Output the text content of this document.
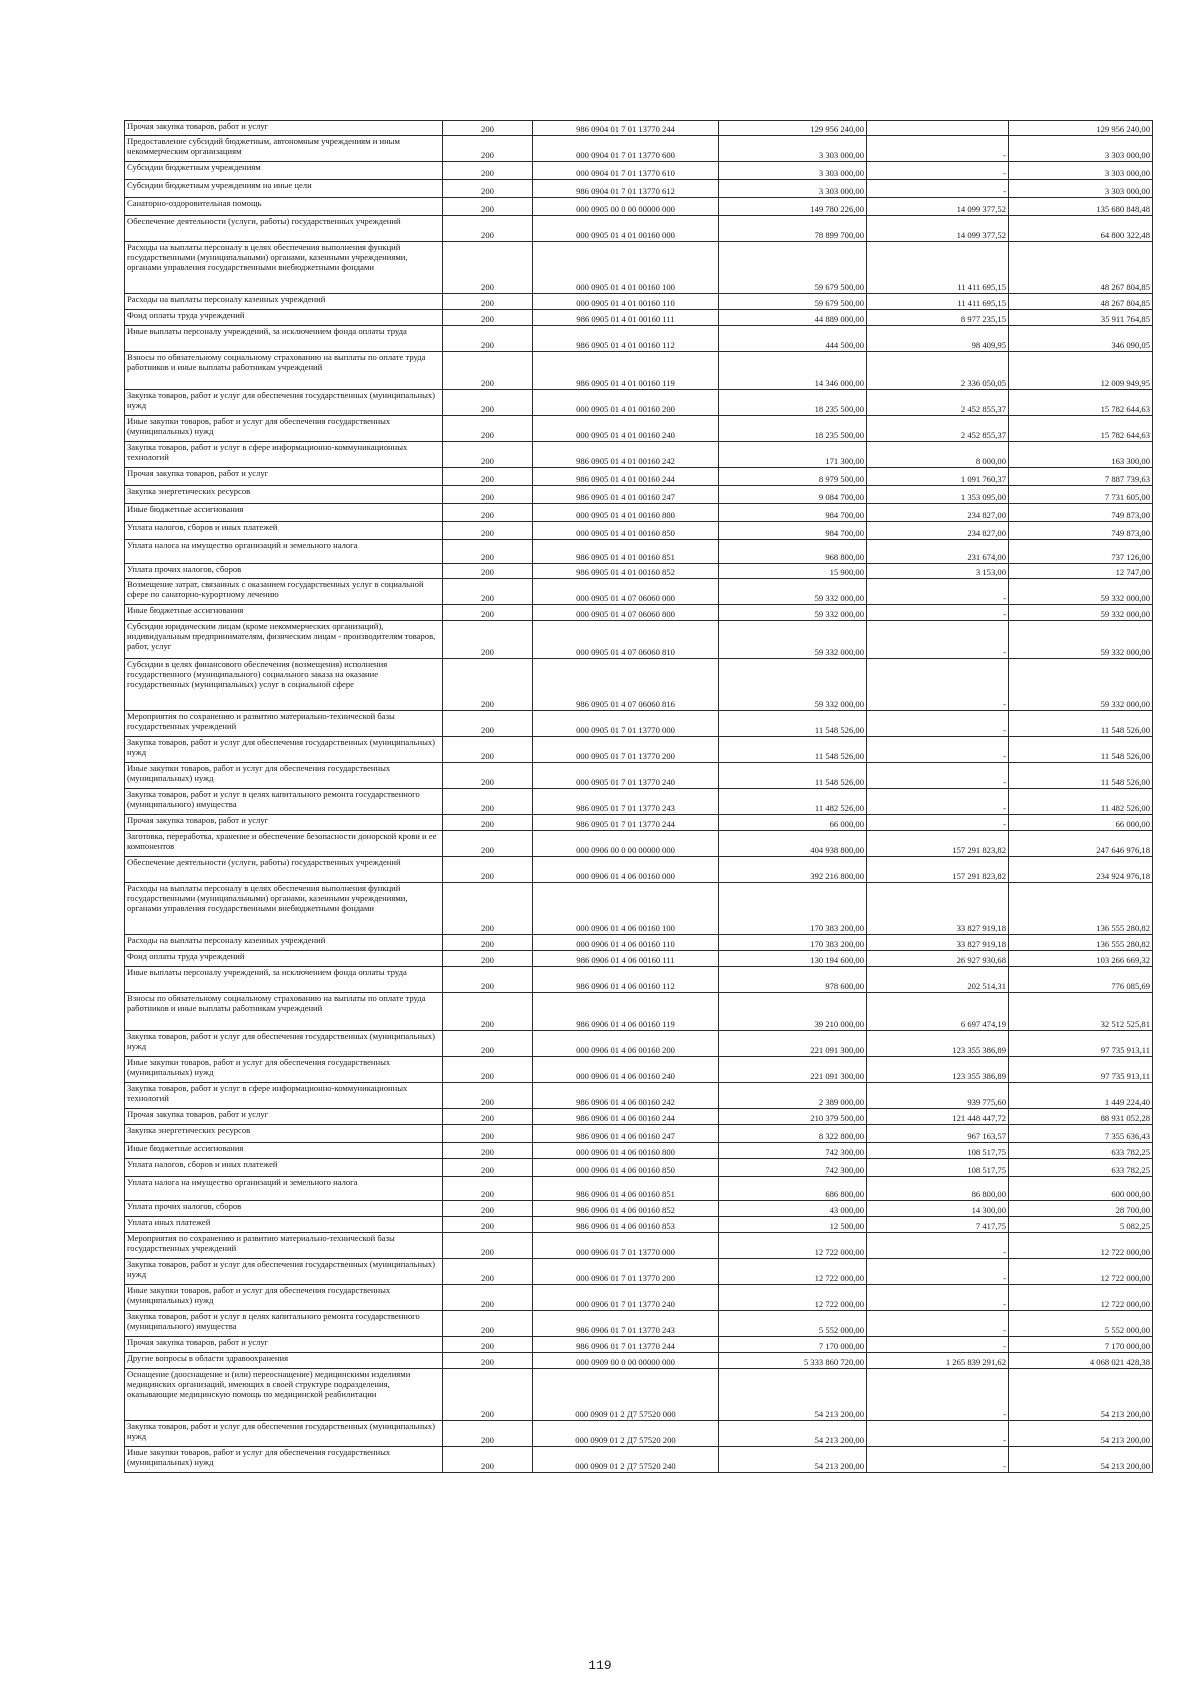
Прочая закупка товаров, работ и услуг	200	986 0904 01 7 01 13770 244	129 956 240,00		129 956 240,00
Предоставление субсидий бюджетным, автономным учреждениям и иным некоммерческим организациям	200	000 0904 01 7 01 13770 600	3 303 000,00	-	3 303 000,00
Субсидии бюджетным учреждениям	200	000 0904 01 7 01 13770 610	3 303 000,00	-	3 303 000,00
Субсидии бюджетным учреждениям на иные цели	200	986 0904 01 7 01 13770 612	3 303 000,00	-	3 303 000,00
Санаторно-оздоровительная помощь	200	000 0905 00 0 00 00000 000	149 780 226,00	14 099 377,52	135 680 848,48
Обеспечение деятельности (услуги, работы) государственных учреждений	200	000 0905 01 4 01 00160 000	78 899 700,00	14 099 377,52	64 800 322,48
Расходы на выплаты персоналу в целях обеспечения выполнения функций государственными (муниципальными) органами, казенными учреждениями, органами управления государственными внебюджетными фондами	200	000 0905 01 4 01 00160 100	59 679 500,00	11 411 695,15	48 267 804,85
Расходы на выплаты персоналу казенных учреждений	200	000 0905 01 4 01 00160 110	59 679 500,00	11 411 695,15	48 267 804,85
Фонд оплаты труда учреждений	200	986 0905 01 4 01 00160 111	44 889 000,00	8 977 235,15	35 911 764,85
Иные выплаты персоналу учреждений, за исключением фонда оплаты труда	200	986 0905 01 4 01 00160 112	444 500,00	98 409,95	346 090,05
Взносы по обязательному социальному страхованию на выплаты по оплате труда работников и иные выплаты работникам учреждений	200	986 0905 01 4 01 00160 119	14 346 000,00	2 336 050,05	12 009 949,95
Закупка товаров, работ и услуг для обеспечения государственных (муниципальных) нужд	200	000 0905 01 4 01 00160 200	18 235 500,00	2 452 855,37	15 782 644,63
Иные закупки товаров, работ и услуг для обеспечения государственных (муниципальных) нужд	200	000 0905 01 4 01 00160 240	18 235 500,00	2 452 855,37	15 782 644,63
Закупка товаров, работ и услуг в сфере информационно-коммуникационных технологий	200	986 0905 01 4 01 00160 242	171 300,00	8 000,00	163 300,00
Прочая закупка товаров, работ и услуг	200	986 0905 01 4 01 00160 244	8 979 500,00	1 091 760,37	7 887 739,63
Закупка энергетических ресурсов	200	986 0905 01 4 01 00160 247	9 084 700,00	1 353 095,00	7 731 605,00
Иные бюджетные ассигнования	200	000 0905 01 4 01 00160 800	984 700,00	234 827,00	749 873,00
Уплата налогов, сборов и иных платежей	200	000 0905 01 4 01 00160 850	984 700,00	234 827,00	749 873,00
Уплата налога на имущество организаций и земельного налога	200	986 0905 01 4 01 00160 851	968 800,00	231 674,00	737 126,00
Уплата прочих налогов, сборов	200	986 0905 01 4 01 00160 852	15 900,00	3 153,00	12 747,00
Возмещение затрат, связанных с оказанием государственных услуг в социальной сфере по санаторно-курортному лечению	200	000 0905 01 4 07 06060 000	59 332 000,00	-	59 332 000,00
Иные бюджетные ассигнования	200	000 0905 01 4 07 06060 800	59 332 000,00	-	59 332 000,00
Субсидии юридическим лицам (кроме некоммерческих организаций), индивидуальным предпринимателям, физическим лицам - производителям товаров, работ, услуг	200	000 0905 01 4 07 06060 810	59 332 000,00	-	59 332 000,00
Субсидии в целях финансового обеспечения (возмещения) исполнения государственного (муниципального) социального заказа на оказание государственных (муниципальных) услуг в социальной сфере	200	986 0905 01 4 07 06060 816	59 332 000,00	-	59 332 000,00
Мероприятия по сохранению и развитию материально-технической базы государственных учреждений	200	000 0905 01 7 01 13770 000	11 548 526,00	-	11 548 526,00
Закупка товаров, работ и услуг для обеспечения государственных (муниципальных) нужд	200	000 0905 01 7 01 13770 200	11 548 526,00	-	11 548 526,00
Иные закупки товаров, работ и услуг для обеспечения государственных (муниципальных) нужд	200	000 0905 01 7 01 13770 240	11 548 526,00	-	11 548 526,00
Закупка товаров, работ и услуг в целях капитального ремонта государственного (муниципального) имущества	200	986 0905 01 7 01 13770 243	11 482 526,00	-	11 482 526,00
Прочая закупка товаров, работ и услуг	200	986 0905 01 7 01 13770 244	66 000,00	-	66 000,00
Заготовка, переработка, хранение и обеспечение безопасности донорской крови и ее компонентов	200	000 0906 00 0 00 00000 000	404 938 800,00	157 291 823,82	247 646 976,18
Обеспечение деятельности (услуги, работы) государственных учреждений	200	000 0906 01 4 06 00160 000	392 216 800,00	157 291 823,82	234 924 976,18
Расходы на выплаты персоналу в целях обеспечения выполнения функций государственными (муниципальными) органами, казенными учреждениями, органами управления государственными внебюджетными фондами	200	000 0906 01 4 06 00160 100	170 383 200,00	33 827 919,18	136 555 280,82
Расходы на выплаты персоналу казенных учреждений	200	000 0906 01 4 06 00160 110	170 383 200,00	33 827 919,18	136 555 280,82
Фонд оплаты труда учреждений	200	986 0906 01 4 06 00160 111	130 194 600,00	26 927 930,68	103 266 669,32
Иные выплаты персоналу учреждений, за исключением фонда оплаты труда	200	986 0906 01 4 06 00160 112	978 600,00	202 514,31	776 085,69
Взносы по обязательному социальному страхованию на выплаты по оплате труда работников и иные выплаты работникам учреждений	200	986 0906 01 4 06 00160 119	39 210 000,00	6 697 474,19	32 512 525,81
Закупка товаров, работ и услуг для обеспечения государственных (муниципальных) нужд	200	000 0906 01 4 06 00160 200	221 091 300,00	123 355 386,89	97 735 913,11
Иные закупки товаров, работ и услуг для обеспечения государственных (муниципальных) нужд	200	000 0906 01 4 06 00160 240	221 091 300,00	123 355 386,89	97 735 913,11
Закупка товаров, работ и услуг в сфере информационно-коммуникационных технологий	200	986 0906 01 4 06 00160 242	2 389 000,00	939 775,60	1 449 224,40
Прочая закупка товаров, работ и услуг	200	986 0906 01 4 06 00160 244	210 379 500,00	121 448 447,72	88 931 052,28
Закупка энергетических ресурсов	200	986 0906 01 4 06 00160 247	8 322 800,00	967 163,57	7 355 636,43
Иные бюджетные ассигнования	200	000 0906 01 4 06 00160 800	742 300,00	108 517,75	633 782,25
Уплата налогов, сборов и иных платежей	200	000 0906 01 4 06 00160 850	742 300,00	108 517,75	633 782,25
Уплата налога на имущество организаций и земельного налога	200	986 0906 01 4 06 00160 851	686 800,00	86 800,00	600 000,00
Уплата прочих налогов, сборов	200	986 0906 01 4 06 00160 852	43 000,00	14 300,00	28 700,00
Уплата иных платежей	200	986 0906 01 4 06 00160 853	12 500,00	7 417,75	5 082,25
Мероприятия по сохранению и развитию материально-технической базы государственных учреждений	200	000 0906 01 7 01 13770 000	12 722 000,00	-	12 722 000,00
Закупка товаров, работ и услуг для обеспечения государственных (муниципальных) нужд	200	000 0906 01 7 01 13770 200	12 722 000,00	-	12 722 000,00
Иные закупки товаров, работ и услуг для обеспечения государственных (муниципальных) нужд	200	000 0906 01 7 01 13770 240	12 722 000,00	-	12 722 000,00
Закупка товаров, работ и услуг в целях капитального ремонта государственного (муниципального) имущества	200	986 0906 01 7 01 13770 243	5 552 000,00	-	5 552 000,00
Прочая закупка товаров, работ и услуг	200	986 0906 01 7 01 13770 244	7 170 000,00	-	7 170 000,00
Другие вопросы в области здравоохранения	200	000 0909 00 0 00 00000 000	5 333 860 720,00	1 265 839 291,62	4 068 021 428,38
Оснащение (дооснащение и (или) переоснащение) медицинскими изделиями медицинских организаций, имеющих в своей структуре подразделения, оказывающие медицинскую помощь по медицинской реабилитации	200	000 0909 01 2 Д7 57520 000	54 213 200,00	-	54 213 200,00
Закупка товаров, работ и услуг для обеспечения государственных (муниципальных) нужд	200	000 0909 01 2 Д7 57520 200	54 213 200,00	-	54 213 200,00
Иные закупки товаров, работ и услуг для обеспечения государственных (муниципальных) нужд	200	000 0909 01 2 Д7 57520 240	54 213 200,00	-	54 213 200,00
119
